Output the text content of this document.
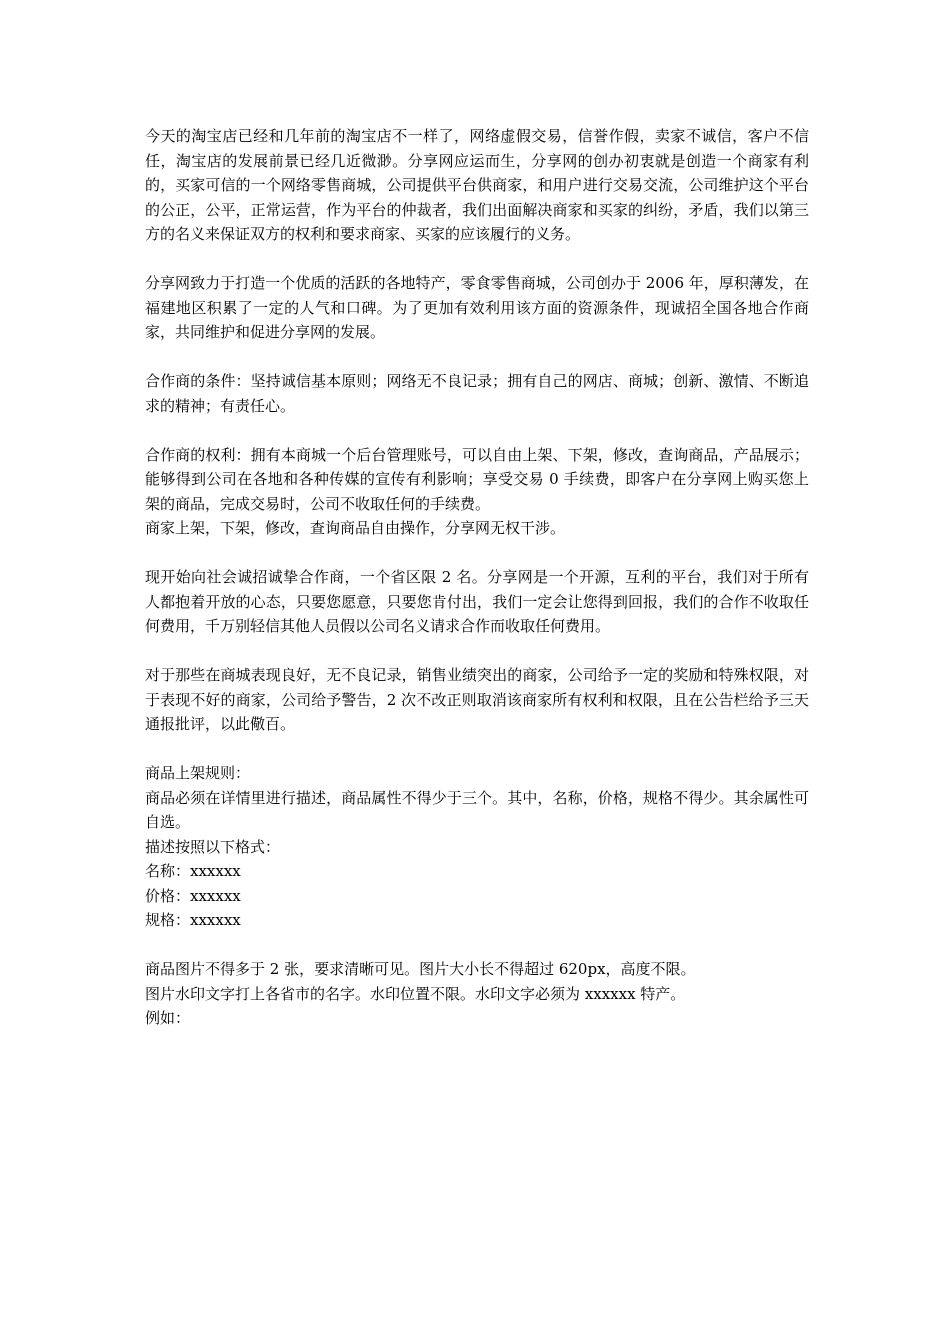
今天的淘宝店已经和几年前的淘宝店不一样了，网络虚假交易，信誉作假，卖家不诚信，客户不信任，淘宝店的发展前景已经几近微渺。分享网应运而生，分享网的创办初衷就是创造一个商家有利的，买家可信的一个网络零售商城，公司提供平台供商家，和用户进行交易交流，公司维护这个平台的公正，公平，正常运营，作为平台的仲裁者，我们出面解决商家和买家的纠纷，矛盾，我们以第三方的名义来保证双方的权利和要求商家、买家的应该履行的义务。

分享网致力于打造一个优质的活跃的各地特产，零食零售商城，公司创办于 2006 年，厚积薄发，在福建地区积累了一定的人气和口碑。为了更加有效利用该方面的资源条件，现诚招全国各地合作商家，共同维护和促进分享网的发展。

合作商的条件：坚持诚信基本原则；网络无不良记录；拥有自己的网店、商城；创新、激情、不断追求的精神；有责任心。

合作商的权利：拥有本商城一个后台管理账号，可以自由上架、下架，修改，查询商品，产品展示；能够得到公司在各地和各种传媒的宣传有利影响；享受交易 0 手续费，即客户在分享网上购买您上架的商品，完成交易时，公司不收取任何的手续费。

商家上架，下架，修改，查询商品自由操作，分享网无权干涉。

现开始向社会诚招诚挚合作商，一个省区限 2 名。分享网是一个开源，互利的平台，我们对于所有人都抱着开放的心态，只要您愿意，只要您肯付出，我们一定会让您得到回报，我们的合作不收取任何费用，千万别轻信其他人员假以公司名义请求合作而收取任何费用。

对于那些在商城表现良好，无不良记录，销售业绩突出的商家，公司给予一定的奖励和特殊权限，对于表现不好的商家，公司给予警告，2 次不改正则取消该商家所有权利和权限，且在公告栏给予三天通报批评，以此儆百。

商品上架规则：

商品必须在详情里进行描述，商品属性不得少于三个。其中，名称，价格，规格不得少。其余属性可自选。

描述按照以下格式：

名称：xxxxxx

价格：xxxxxx

规格：xxxxxx

商品图片不得多于 2 张，要求清晰可见。图片大小长不得超过 620px，高度不限。

图片水印文字打上各省市的名字。水印位置不限。水印文字必须为 xxxxxx 特产。

例如：
